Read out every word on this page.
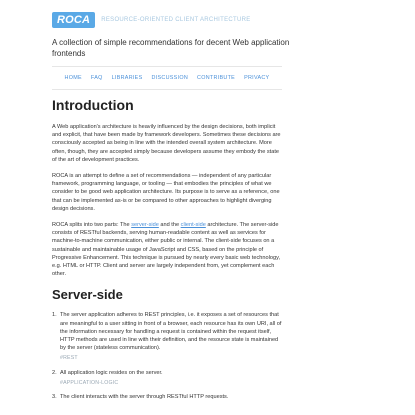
ROCA	RESOURCE-ORIENTED CLIENT ARCHITECTURE
A collection of simple recommendations for decent Web application frontends
HOME FAQ LIBRARIES DISCUSSION CONTRIBUTE PRIVACY
Introduction

A Web application's architecture is heavily influenced by the design decisions, both implicit and explicit, that have been made by framework developers. Sometimes these decisions are consciously accepted as being in line with the intended overall system architecture. More often, though, they are accepted simply because developers assume they embody the state of the art of development practices.

ROCA is an attempt to define a set of recommendations — independent of any particular framework, programming language, or tooling — that embodies the principles of what we consider to be good web application architecture. Its purpose is to serve as a reference, one that can be implemented as-is or be compared to other approaches to highlight diverging design decisions.

ROCA splits into two parts: The server-side and the client-side architecture. The server-side consists of RESTful backends, serving human-readable content as well as services for machine-to-machine communication, either public or internal. The client-side focuses on a sustainable and maintainable usage of JavaScript and CSS, based on the principle of Progressive Enhancement. This technique is pursued by nearly every basic web technology, e.g. HTML or HTTP. Client and server are largely independent from, yet complement each other.

Server-side
1. The server application adheres to REST principles, i.e. it exposes a set of resources that are meaningful to a user sitting in front of a browser, each resource has its own URI, all of the information necessary for handling a request is contained within the request itself, HTTP methods are used in line with their definition, and the resource state is maintained by the server (stateless communication).
#REST
2. All application logic resides on the server.
#APPLICATION-LOGIC
3. The client interacts with the server through RESTful HTTP requests.
